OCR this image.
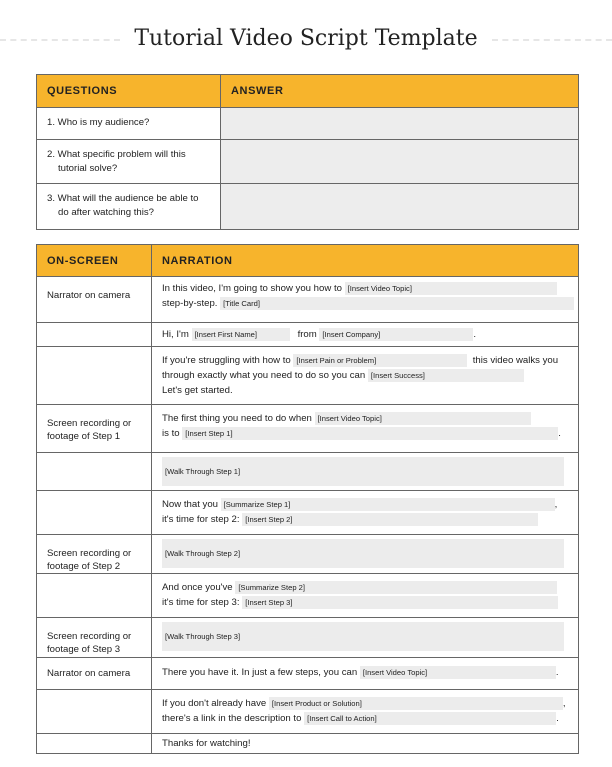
Tutorial Video Script Template
QUESTIONS	ANSWER

1. Who is my audience?	

2. What specific problem will this
tutorial solve?	

3. What will the audience be able to
do after watching this?	

ON-SCREEN	NARRATION
Narrator on camera	In this video, I'm going to show you how to [Insert Video Topic]
step-by-step. [Title Card]

	Hi, I'm [Insert First Name] from [Insert Company] .

	If you're struggling with how to [Insert Pain or Problem] this video walks you
through exactly what you need to do so you can [Insert Success]
Let's get started.

Screen recording or
footage of Step 1	The first thing you need to do when [Insert Video Topic]
is to [Insert Step 1] .

	[Walk Through Step 1]

	Now that you [Summarize Step 1] ,
it's time for step 2: [Insert Step 2]

Screen recording or
footage of Step 2	[Walk Through Step 2]

	And once you've [Summarize Step 2]
it's time for step 3: [Insert Step 3]

Screen recording or
footage of Step 3	[Walk Through Step 3]

Narrator on camera	There you have it. In just a few steps, you can [Insert Video Topic] .

	If you don't already have [Insert Product or Solution] ,
there's a link in the description to [Insert Call to Action] .

	Thanks for watching!
